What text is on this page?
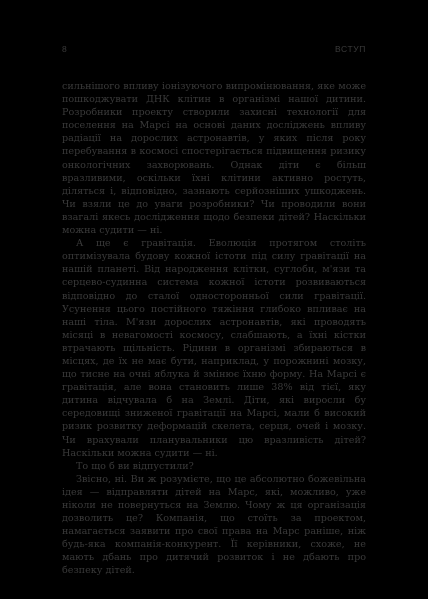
8	ВСТУП

сильнішого впливу іонізуючого випромінювання, яке може пошкоджувати ДНК клітин в організмі нашої дитини. Розробники проекту створили захисні технології для поселення на Марсі на основі даних досліджень впливу радіації на дорослих астронавтів, у яких після року перебування в космосі спостерігається підвищення ризику онкологічних захворювань. Однак діти є більш вразливими, оскільки їхні клітини активно ростуть, діляться і, відповідно, зазнають серйозніших ушкоджень. Чи взяли це до уваги розробники? Чи проводили вони взагалі якесь дослідження щодо безпеки дітей? Наскільки можна судити — ні.

А ще є гравітація. Еволюція протягом століть оптимізувала будову кожної істоти під силу гравітації на нашій планеті. Від народження клітки, суглоби, м'язи та серцево-судинна система кожної істоти розвиваються відповідно до сталої односторонньої сили гравітації. Усунення цього постійного тяжіння глибоко впливає на наші тіла. М'язи дорослих астронавтів, які проводять місяці в невагомості космосу, слабшають, а їхні кістки втрачають щільність. Рідини в організмі збираються в місцях, де їх не має бути, наприклад, у порожнині мозку, що тисне на очні яблука й змінює їхню форму. На Марсі є гравітація, але вона становить лише 38% від тієї, яку дитина відчувала б на Землі. Діти, які виросли бу середовищі зниженої гравітації на Марсі, мали б високий ризик розвитку деформацій скелета, серця, очей і мозку. Чи врахували планувальники цю вразливість дітей? Наскільки можна судити — ні.

То що б ви відпустили?

Звісно, ні. Ви ж розумієте, що це абсолютно божевільна ідея — відправляти дітей на Марс, які, можливо, уже ніколи не повернуться на Землю. Чому ж ця організація дозволить це? Компанія, що стоїть за проектом, намагається заявити про свої права на Марс раніше, ніж будь-яка компанія-конкурент. Її керівники, схоже, не мають дбань про дитячий розвиток і не дбають про безпеку дітей.
